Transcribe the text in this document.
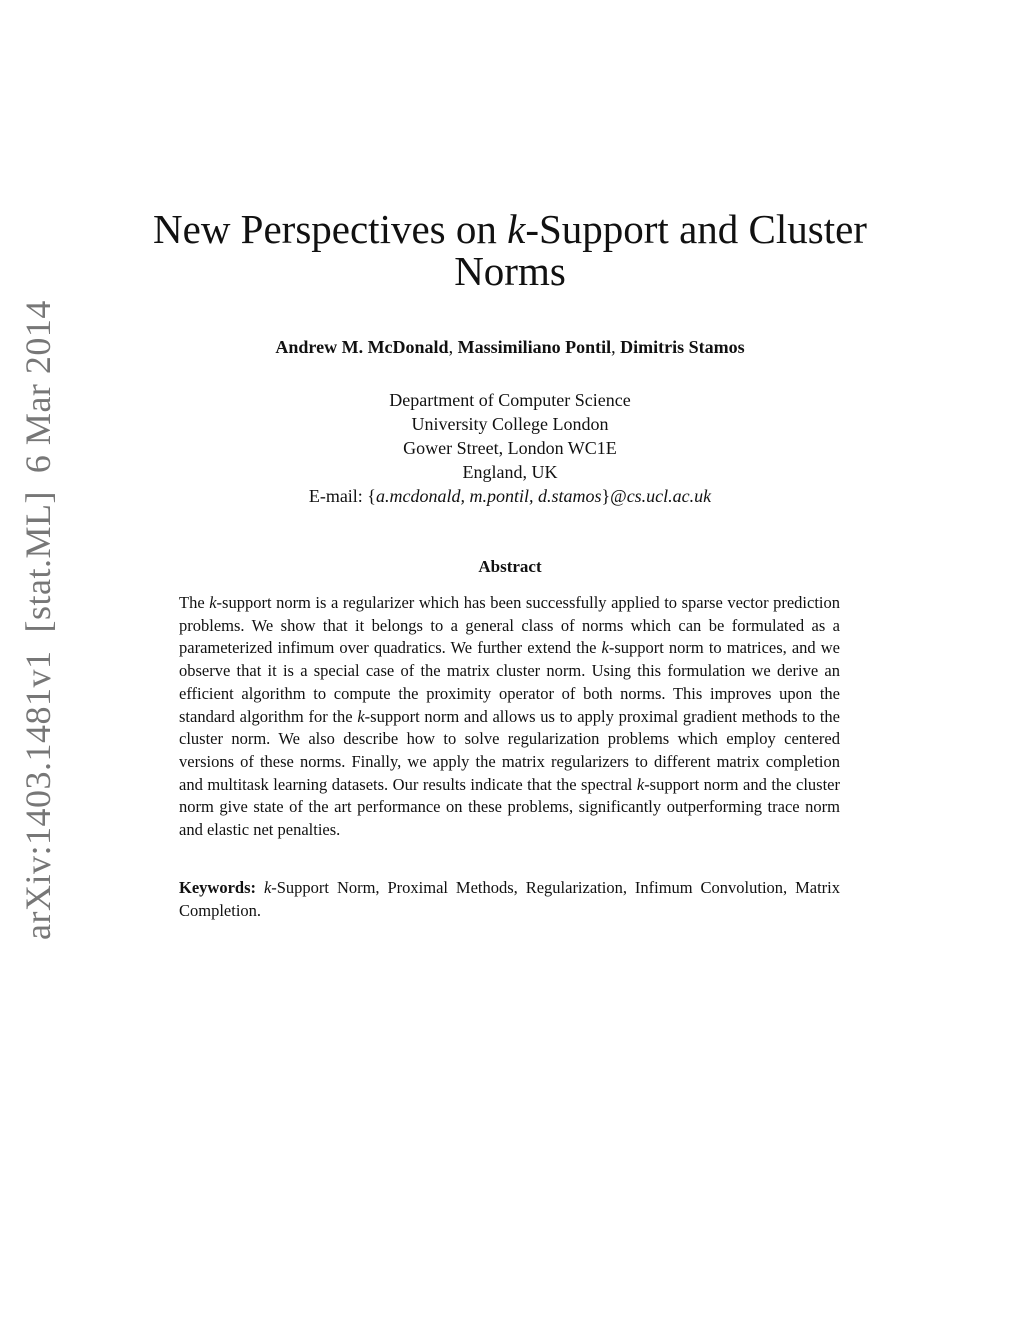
arXiv:1403.1481v1[stat.ML]6 Mar 2014
New Perspectives on k-Support and Cluster
Norms
Andrew M. McDonald, Massimiliano Pontil, Dimitris Stamos
Department of Computer Science
University College London
Gower Street, London WC1E
England, UK
E-mail: {a.mcdonald, m.pontil, d.stamos}@cs.ucl.ac.uk
Abstract
The k-support norm is a regularizer which has been successfully applied to sparse vector prediction problems. We show that it belongs to a general class of norms which can be formulated as a parameterized infimum over quadratics. We further extend the k-support norm to matrices, and we observe that it is a special case of the matrix cluster norm. Using this formulation we derive an efficient algorithm to compute the proximity operator of both norms. This improves upon the standard algorithm for the k-support norm and allows us to apply proximal gradient methods to the cluster norm. We also describe how to solve regularization problems which employ centered versions of these norms. Finally, we apply the matrix regularizers to different matrix completion and multitask learning datasets. Our results indicate that the spectral k-support norm and the cluster norm give state of the art performance on these problems, significantly outperforming trace norm and elastic net penalties.
Keywords: k-Support Norm, Proximal Methods, Regularization, Infimum Convolution, Matrix Completion.
